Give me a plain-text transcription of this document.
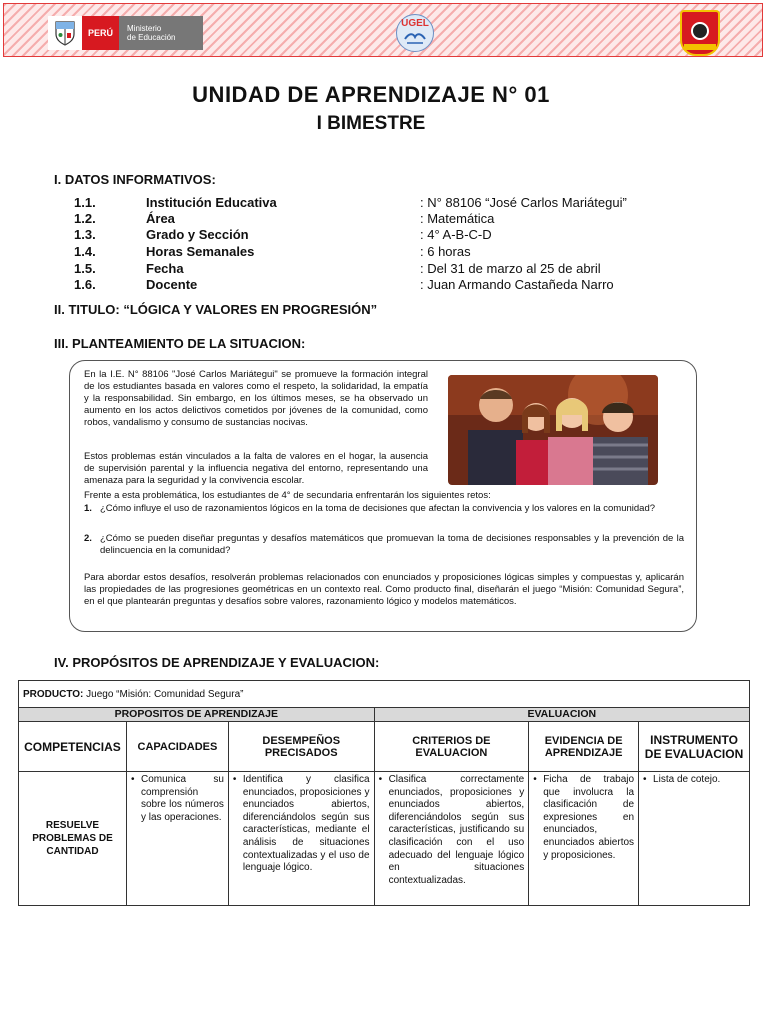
PERÚ	Ministerio
de Educación
UGEL
UNIDAD DE APRENDIZAJE N° 01
I BIMESTRE
I. DATOS INFORMATIVOS:
1.1.	Institución Educativa	: N° 88106 “José Carlos Mariátegui”
1.2.	Área	: Matemática
1.3.	Grado y Sección	: 4° A-B-C-D
1.4.	Horas Semanales	: 6 horas
1.5.	Fecha	: Del 31 de marzo al 25 de abril
1.6.	Docente	: Juan Armando Castañeda Narro
II. TITULO: “LÓGICA Y VALORES EN PROGRESIÓN”
III. PLANTEAMIENTO DE LA SITUACION:
En la I.E. N° 88106 "José Carlos Mariátegui" se promueve la formación integral de los estudiantes basada en valores como el respeto, la solidaridad, la empatía y la responsabilidad. Sin embargo, en los últimos meses, se ha observado un aumento en los actos delictivos cometidos por jóvenes de la comunidad, como robos, vandalismo y consumo de sustancias nocivas.
Estos problemas están vinculados a la falta de valores en el hogar, la ausencia de supervisión parental y la influencia negativa del entorno, representando una amenaza para la seguridad y la convivencia escolar.
Frente a esta problemática, los estudiantes de 4° de secundaria enfrentarán los siguientes retos:
1. ¿Cómo influye el uso de razonamientos lógicos en la toma de decisiones que afectan la convivencia y los valores en la comunidad?
2. ¿Cómo se pueden diseñar preguntas y desafíos matemáticos que promuevan la toma de decisiones responsables y la prevención de la delincuencia en la comunidad?
Para abordar estos desafíos, resolverán problemas relacionados con enunciados y proposiciones lógicas simples y compuestas y, aplicarán las propiedades de las progresiones geométricas en un contexto real. Como producto final, diseñarán el juego “Misión: Comunidad Segura”, en el que plantearán preguntas y desafíos sobre valores, razonamiento lógico y modelos matemáticos.
IV. PROPÓSITOS DE APRENDIZAJE Y EVALUACION:
PRODUCTO: Juego “Misión: Comunidad Segura”					
PROPOSITOS DE APRENDIZAJE			EVALUACION		
COMPETENCIAS	CAPACIDADES	DESEMPEÑOS PRECISADOS	CRITERIOS DE EVALUACION	EVIDENCIA DE APRENDIZAJE	INSTRUMENTO DE EVALUACION
RESUELVE PROBLEMAS DE CANTIDAD	• Comunica su comprensión sobre los números y las operaciones.	• Identifica y clasifica enunciados, proposiciones y enunciados abiertos, diferenciándolos según sus características, mediante el análisis de situaciones contextualizadas y el uso de lenguaje lógico.	• Clasifica correctamente enunciados, proposiciones y enunciados abiertos, diferenciándolos según sus características, justificando su clasificación con el uso adecuado del lenguaje lógico en situaciones contextualizadas.	• Ficha de trabajo que involucra la clasificación de expresiones en enunciados, enunciados abiertos y proposiciones.	• Lista de cotejo.
